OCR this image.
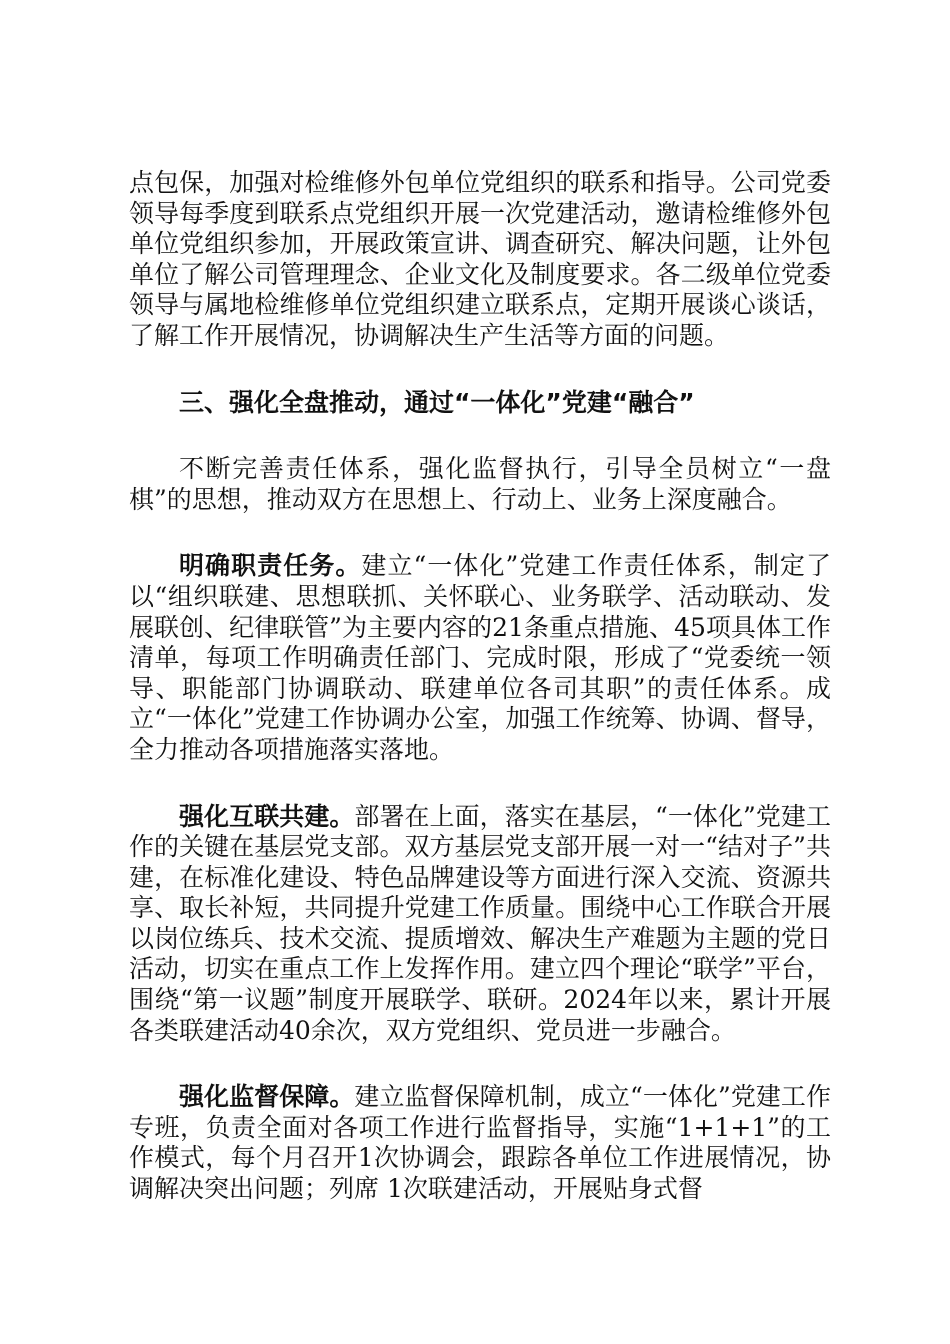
点包保，加强对检维修外包单位党组织的联系和指导。公司党委领导每季度到联系点党组织开展一次党建活动，邀请检维修外包单位党组织参加，开展政策宣讲、调查研究、解决问题，让外包单位了解公司管理理念、企业文化及制度要求。各二级单位党委领导与属地检维修单位党组织建立联系点，定期开展谈心谈话，了解工作开展情况，协调解决生产生活等方面的问题。

三、强化全盘推动，通过“一体化”党建“融合”

不断完善责任体系，强化监督执行，引导全员树立“一盘棋”的思想，推动双方在思想上、行动上、业务上深度融合。

明确职责任务。建立“一体化”党建工作责任体系，制定了以“组织联建、思想联抓、关怀联心、业务联学、活动联动、发展联创、纪律联管”为主要内容的21条重点措施、45项具体工作清单，每项工作明确责任部门、完成时限，形成了“党委统一领导、职能部门协调联动、联建单位各司其职”的责任体系。成立“一体化”党建工作协调办公室，加强工作统筹、协调、督导，全力推动各项措施落实落地。

强化互联共建。部署在上面，落实在基层，“一体化”党建工作的关键在基层党支部。双方基层党支部开展一对一“结对子”共建，在标准化建设、特色品牌建设等方面进行深入交流、资源共享、取长补短，共同提升党建工作质量。围绕中心工作联合开展以岗位练兵、技术交流、提质增效、解决生产难题为主题的党日活动，切实在重点工作上发挥作用。建立四个理论“联学”平台，围绕“第一议题”制度开展联学、联研。2024年以来，累计开展各类联建活动40余次，双方党组织、党员进一步融合。

强化监督保障。建立监督保障机制，成立“一体化”党建工作专班，负责全面对各项工作进行监督指导，实施“1+1+1”的工作模式，每个月召开1次协调会，跟踪各单位工作进展情况，协调解决突出问题；列席 1次联建活动，开展贴身式督
